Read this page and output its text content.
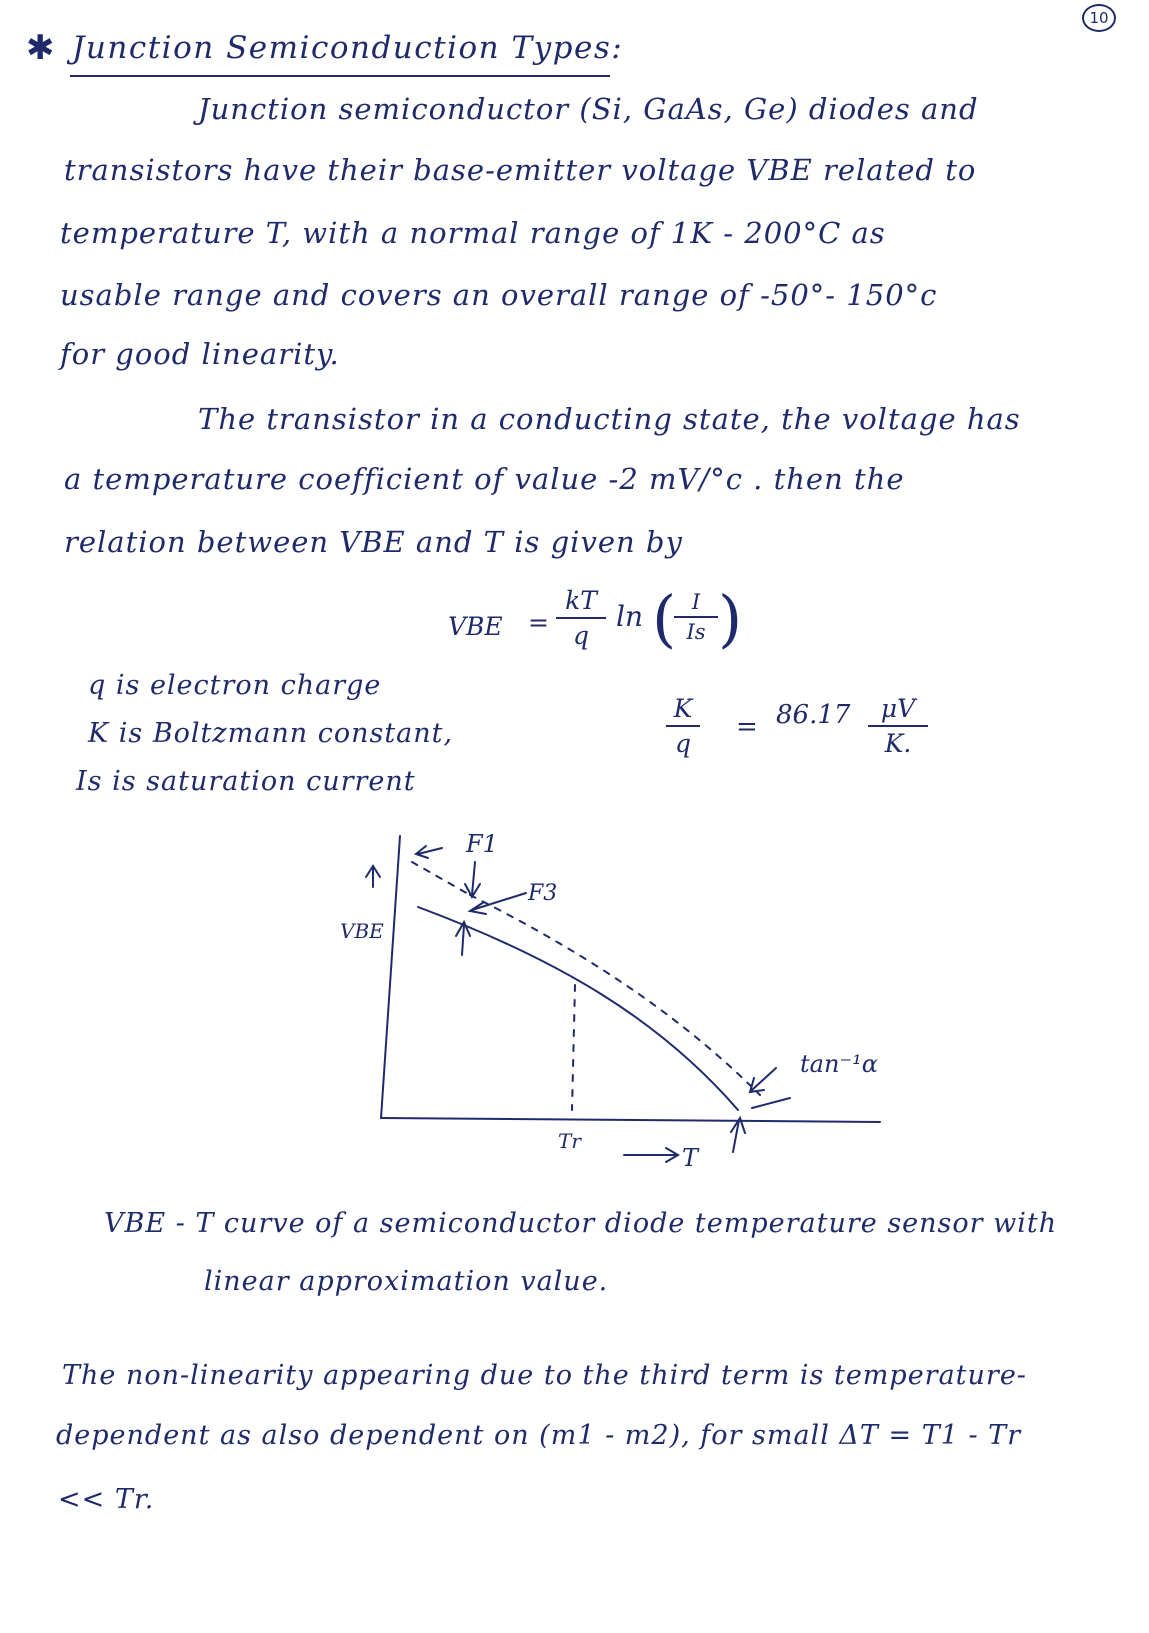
10
✱ Junction Semiconduction Types:
Junction semiconductor (Si, GaAs, Ge) diodes and
transistors have their base-emitter voltage VBE related to
temperature T, with a normal range of 1K - 200°C as
usable range and covers an overall range of -50°- 150°c
for good linearity.
The transistor in a conducting state, the voltage has
a temperature coefficient of value -2 mV/°c . then the
relation between VBE and T is given by
VBE =
kT
q
ln ( I
Is )
q is electron charge
K is Boltzmann constant,
Is is saturation current
K
q
= 86.17	μV
K.
VBE
F1
F3
Tr
T
tan⁻¹α
VBE - T curve of a semiconductor diode temperature sensor with
linear approximation value.
The non-linearity appearing due to the third term is temperature-
dependent as also dependent on (m1 - m2), for small ΔT = T1 - Tr
<< Tr.
